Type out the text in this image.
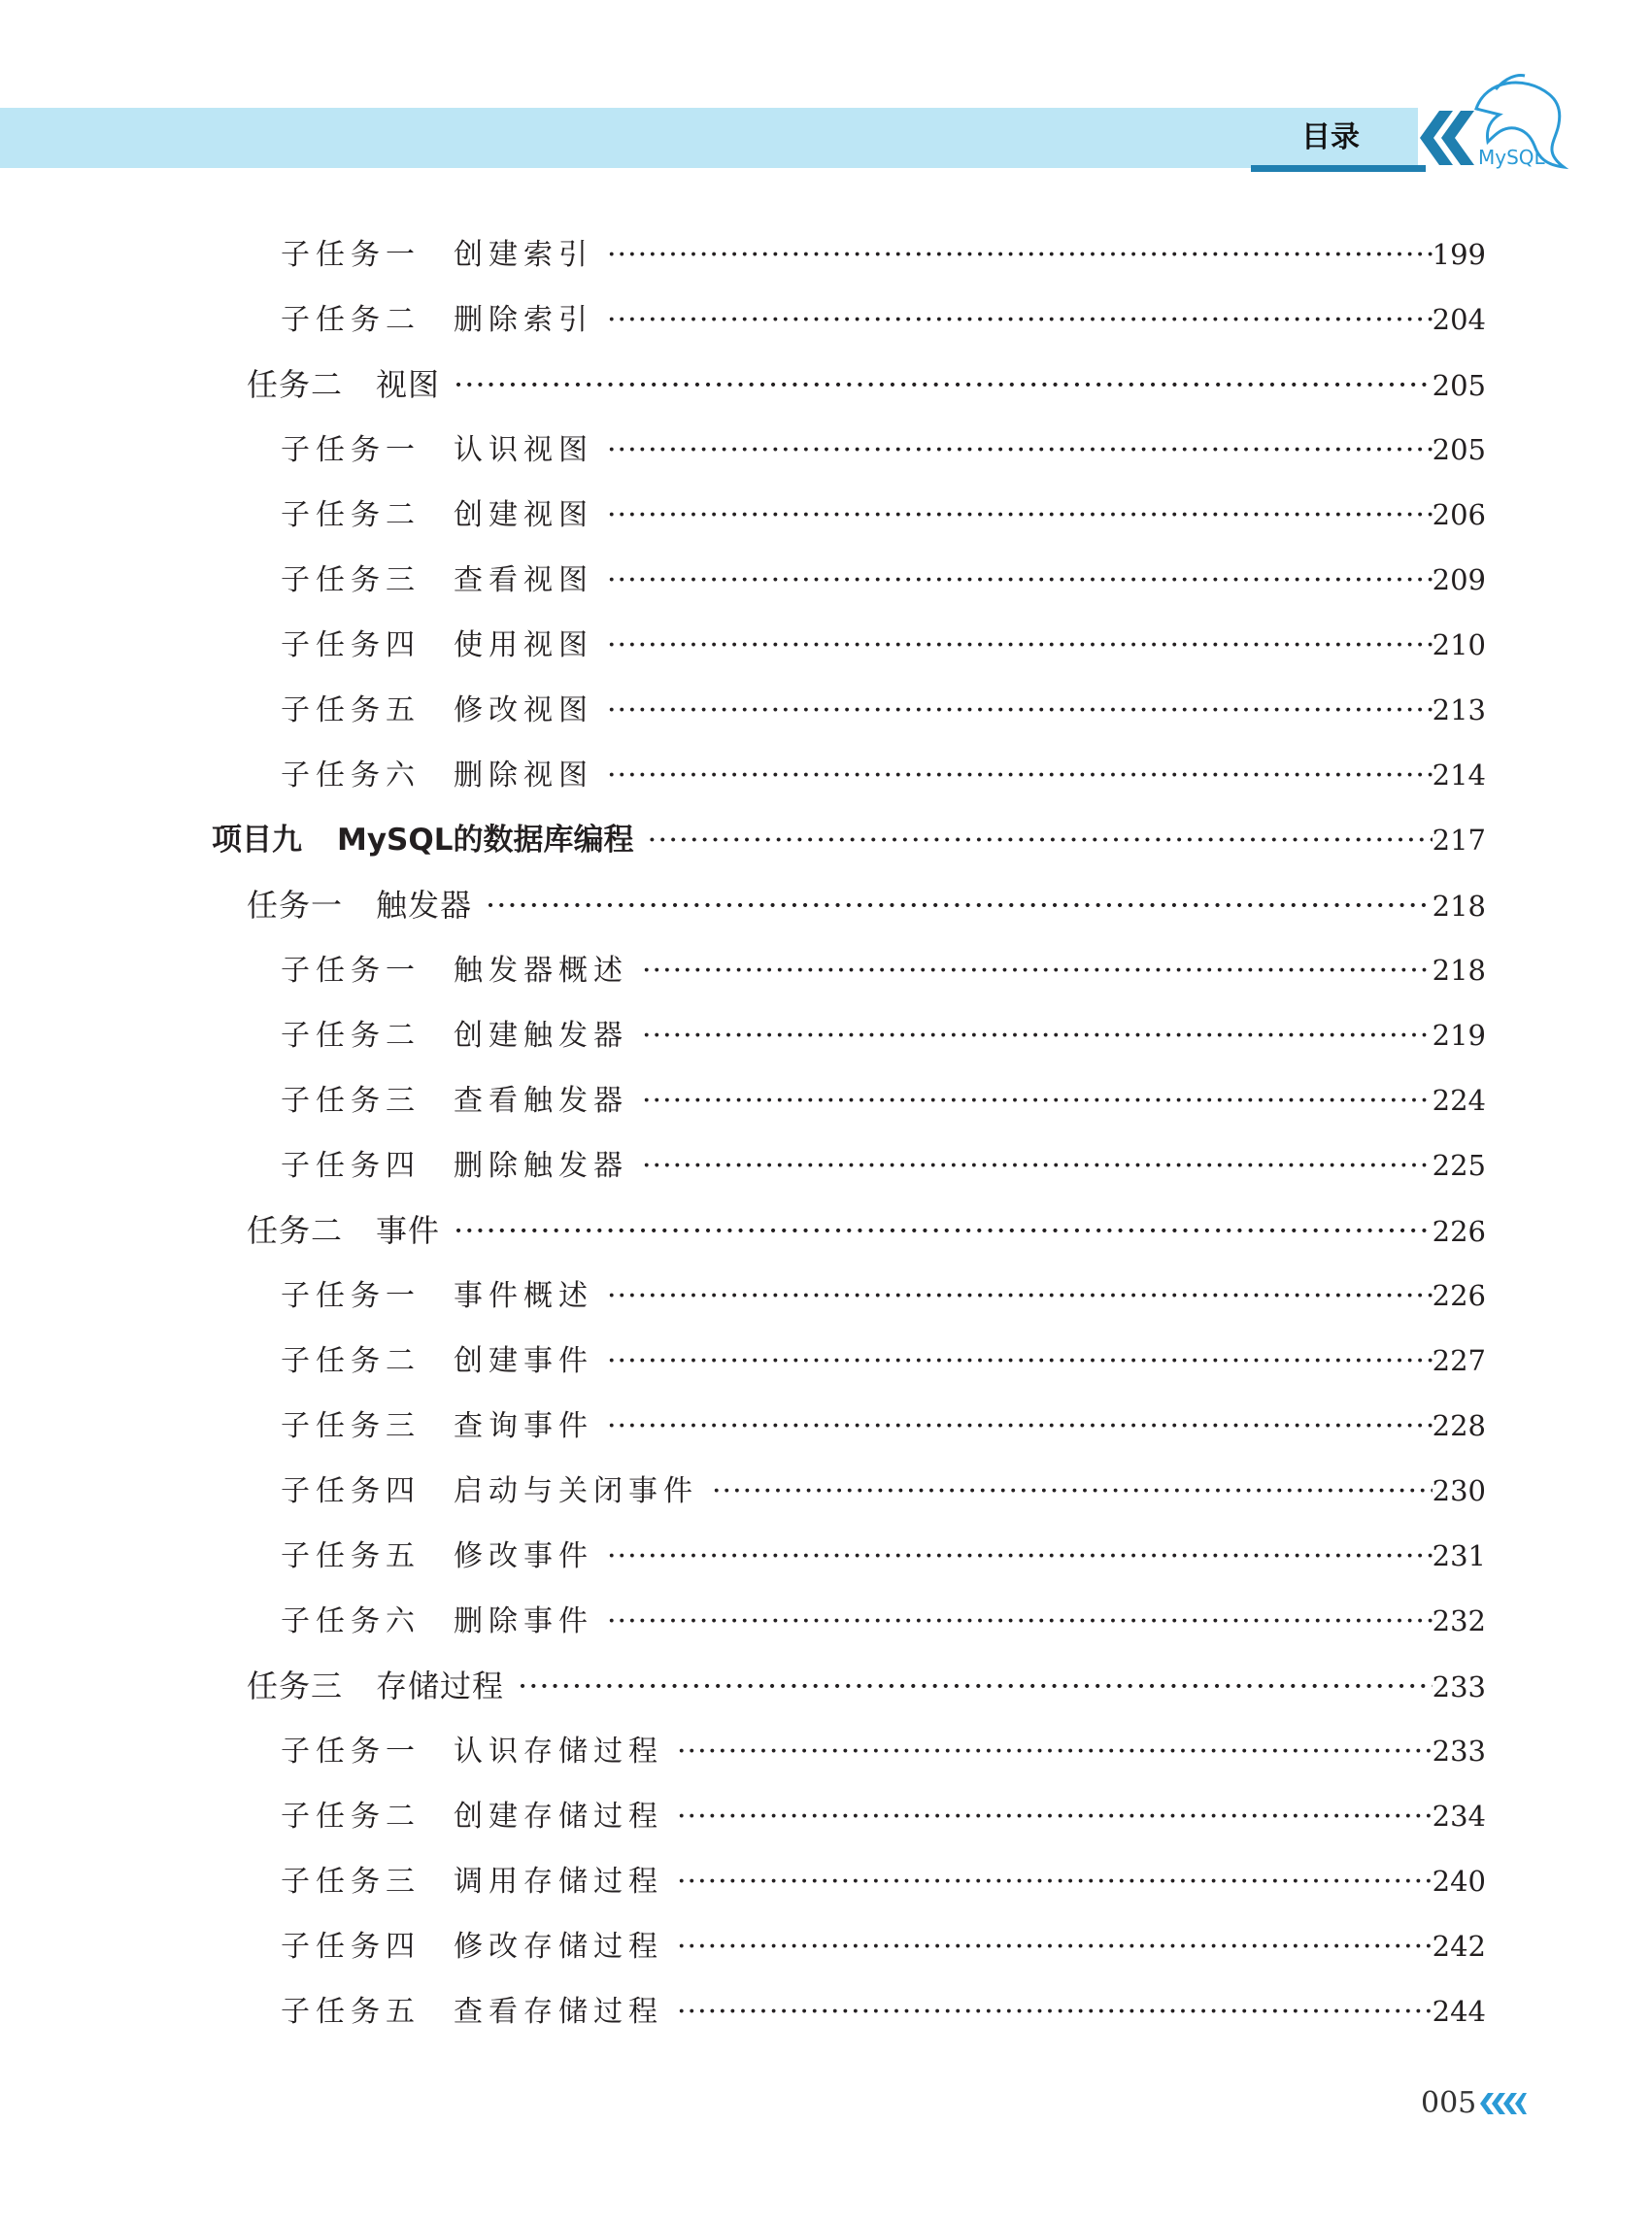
目录
MySQL
子任务一 创建索引 ·····	199
子任务二 删除索引 ·····	204
任务二 视图 ·····	205
子任务一 认识视图 ·····	205
子任务二 创建视图 ·····	206
子任务三 查看视图 ·····	209
子任务四 使用视图 ·····	210
子任务五 修改视图 ·····	213
子任务六 删除视图 ·····	214
项目九 MySQL的数据库编程 ·····	217
任务一 触发器 ·····	218
子任务一 触发器概述 ·····	218
子任务二 创建触发器 ·····	219
子任务三 查看触发器 ·····	224
子任务四 删除触发器 ·····	225
任务二 事件 ·····	226
子任务一 事件概述 ·····	226
子任务二 创建事件 ·····	227
子任务三 查询事件 ·····	228
子任务四 启动与关闭事件 ·····	230
子任务五 修改事件 ·····	231
子任务六 删除事件 ·····	232
任务三 存储过程 ·····	233
子任务一 认识存储过程 ·····	233
子任务二 创建存储过程 ·····	234
子任务三 调用存储过程 ·····	240
子任务四 修改存储过程 ·····	242
子任务五 查看存储过程 ·····	244
005
